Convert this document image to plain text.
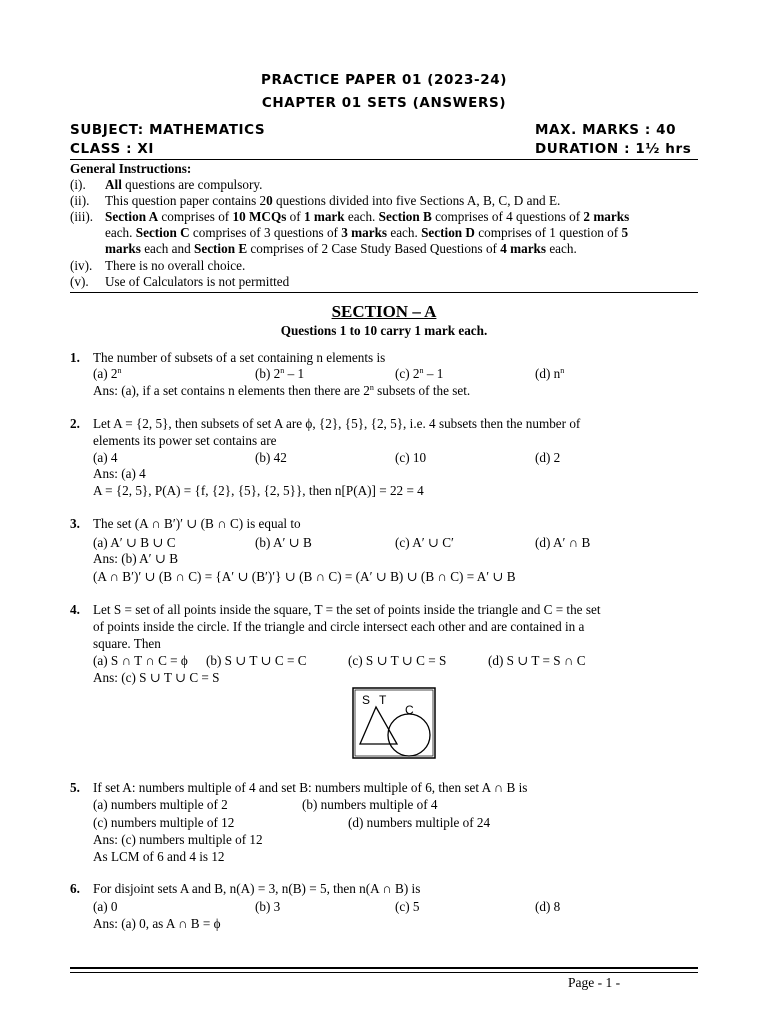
PRACTICE PAPER 01 (2023-24)
CHAPTER 01 SETS (ANSWERS)
SUBJECT: MATHEMATICS	MAX. MARKS : 40
CLASS : XI	DURATION : 1½ hrs
General Instructions:
(i). All questions are compulsory.
(ii). This question paper contains 20 questions divided into five Sections A, B, C, D and E.
(iii). Section A comprises of 10 MCQs of 1 mark each. Section B comprises of 4 questions of 2 marks
each. Section C comprises of 3 questions of 3 marks each. Section D comprises of 1 question of 5
marks each and Section E comprises of 2 Case Study Based Questions of 4 marks each.
(iv). There is no overall choice.
(v). Use of Calculators is not permitted
SECTION – A
Questions 1 to 10 carry 1 mark each.
1. The number of subsets of a set containing n elements is
(a) 2$^n$	(b) 2$^n$ – 1	(c) 2$^n$ – 1	(d) $n^n$
Ans: (a), if a set contains n elements then there are 2$^n$ subsets of the set.
2. Let A = {2, 5}, then subsets of set A are ϕ, {2}, {5}, {2, 5}, i.e. 4 subsets then the number of
elements its power set contains are
(a) 4	(b) 42	(c) 10	(d) 2
Ans: (a) 4
A = {2, 5}, P(A) = {f, {2}, {5}, {2, 5}}, then n[P(A)] = 22 = 4
3. The set (A ∩ B′)′ ∪ (B ∩ C) is equal to
(a) A′ ∪ B ∪ C	(b) A′ ∪ B	(c) A′ ∪ C′	(d) A′ ∩ B
Ans: (b) A′ ∪ B
(A ∩ B′)′ ∪ (B ∩ C) = {A′ ∪ (B′)′} ∪ (B ∩ C) = (A′ ∪ B) ∪ (B ∩ C) = A′ ∪ B
4. Let S = set of all points inside the square, T = the set of points inside the triangle and C = the set
of points inside the circle. If the triangle and circle intersect each other and are contained in a
square. Then
(a) S ∩ T ∩ C = ϕ (b) S ∪ T ∪ C = C	(c) S ∪ T ∪ C = S	(d) S ∪ T = S ∩ C
Ans: (c) S ∪ T ∪ C = S
S T
C
5. If set A: numbers multiple of 4 and set B: numbers multiple of 6, then set A ∩ B is
(a) numbers multiple of 2	(b) numbers multiple of 4
(c) numbers multiple of 12	(d) numbers multiple of 24
Ans: (c) numbers multiple of 12
As LCM of 6 and 4 is 12
6. For disjoint sets A and B, n(A) = 3, n(B) = 5, then n(A ∩ B) is
(a) 0	(b) 3	(c) 5	(d) 8
Ans: (a) 0, as A ∩ B = ϕ
Page - 1 -
